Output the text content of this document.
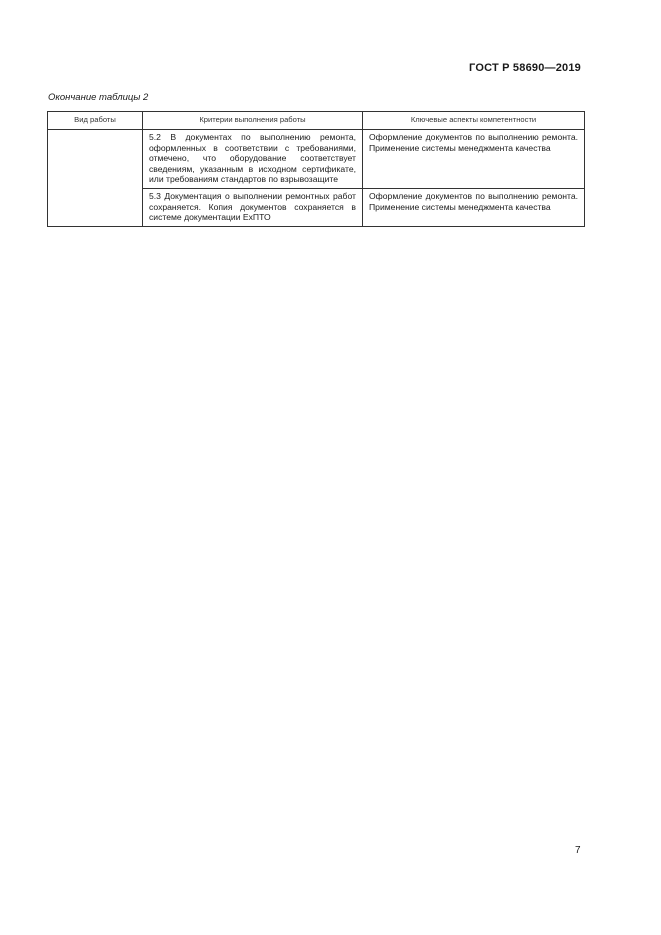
ГОСТ Р 58690—2019
Окончание таблицы 2
Вид работы	Критерии выполнения работы	Ключевые аспекты компетентности

	5.2 В документах по выполнению ремонта, оформленных в соответствии с требованиями, отмечено, что оборудование соответствует сведениям, указанным в исходном сертификате, или требованиям стандартов по взрывозащите	Оформление документов по выполнению ремонта. Применение системы менеджмента качества

	5.3 Документация о выполнении ремонтных работ сохраняется. Копия документов сохраняется в системе документации ExПТО	Оформление документов по выполнению ремонта. Применение системы менеджмента качества
7
